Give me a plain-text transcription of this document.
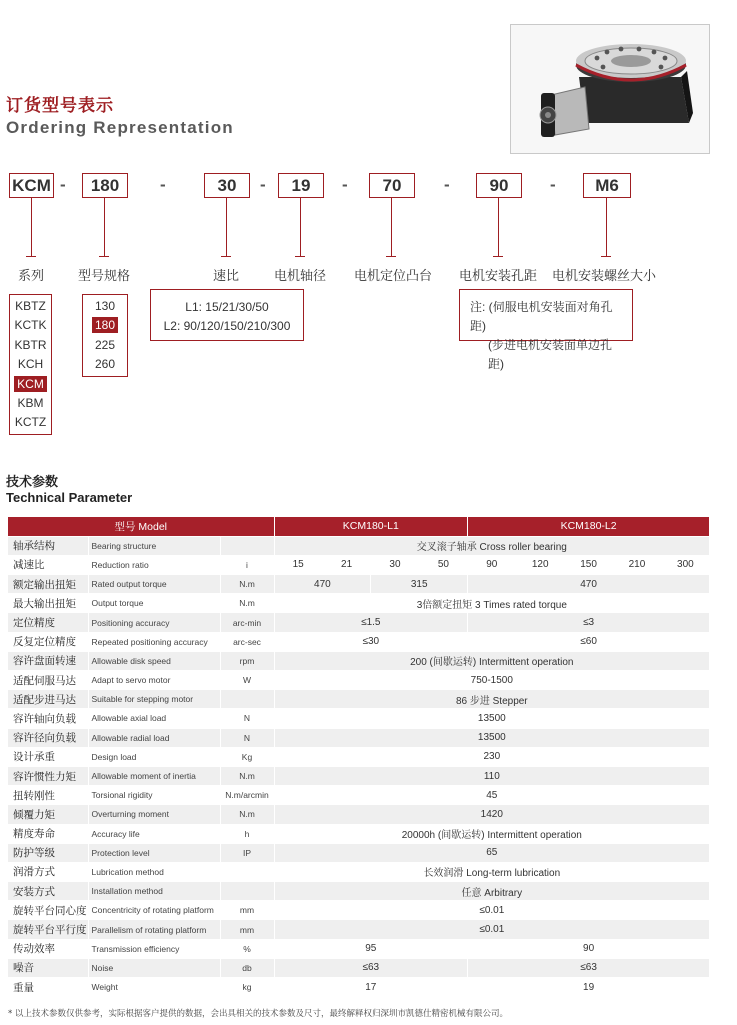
订货型号表示
Ordering Representation
KCM -	180	-	30	-	19	-	70	-	90	-	M6
系列	型号规格	速比	电机轴径 电机定位凸台 电机安装孔距 电机安装螺丝大小
KBTZ
KCTK
KBTR
KCH
KCM
KBM
KCTZ
130
180
225
260
L1: 15/21/30/50
L2: 90/120/150/210/300
注: (伺服电机安装面对角孔距)
(步进电机安装面单边孔距)
技术参数
Technical Parameter
型号 Model			KCM180-L1				KCM180-L2				
轴承结构	Bearing structure		交叉滚子轴承 Cross roller bearing								
减速比	Reduction ratio	i	15	21	30	50	90	120	150	210	300
额定输出扭矩	Rated output torque	N.m	470		315		470				
最大输出扭矩	Output torque	N.m	3倍额定扭矩 3 Times rated torque								
定位精度	Positioning accuracy	arc-min	≤1.5				≤3				
反复定位精度	Repeated positioning accuracy	arc-sec	≤30				≤60				
容许盘面转速	Allowable disk speed	rpm	200 (间歇运转) Intermittent operation								
适配伺服马达	Adapt to servo motor	W	750-1500								
适配步进马达	Suitable for stepping motor		86 步进 Stepper								
容许轴向负载	Allowable axial load	N	13500								
容许径向负载	Allowable radial load	N	13500								
设计承重	Design load	Kg	230								
容许惯性力矩	Allowable moment of inertia	N.m	110								
扭转刚性	Torsional rigidity	N.m/arcmin	45								
倾覆力矩	Overturning moment	N.m	1420								
精度寿命	Accuracy life	h	20000h (间歇运转) Intermittent operation								
防护等级	Protection level	IP	65								
润滑方式	Lubrication method		长效润滑 Long-term lubrication								
安装方式	Installation method		任意 Arbitrary								
旋转平台同心度	Concentricity of rotating platform	mm	≤0.01								
旋转平台平行度	Parallelism of rotating platform	mm	≤0.01								
传动效率	Transmission efficiency	%	95				90				
噪音	Noise	db	≤63				≤63				
重量	Weight	kg	17				19				
* 以上技术参数仅供参考，实际根据客户提供的数据，会出具相关的技术参数及尺寸，最终解释权归深圳市凯德仕精密机械有限公司。
